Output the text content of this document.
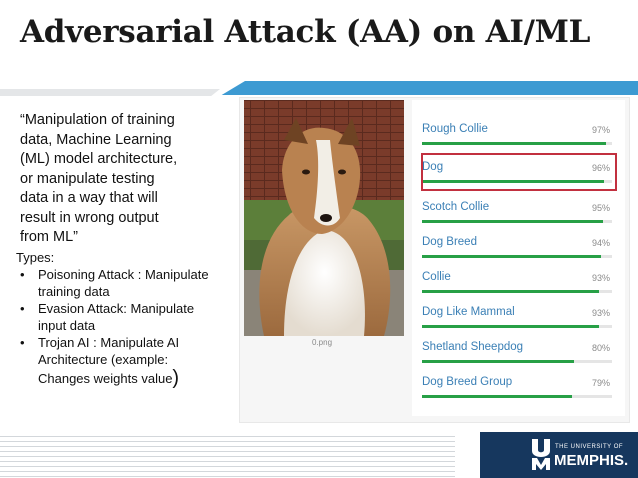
Adversarial Attack (AA) on AI/ML

“Manipulation of training
data, Machine Learning
(ML) model architecture,
or manipulate testing
data in a way that will
result in wrong output
from ML”

Types:
• Poisoning Attack : Manipulate
training data
• Evasion Attack: Manipulate
input data
• Trojan AI : Manipulate AI
Architecture (example:
Changes weights value)
0.png
Rough Collie	97%
Dog	96%
Scotch Collie	95%
Dog Breed	94%
Collie	93%
Dog Like Mammal	93%
Shetland Sheepdog	80%
Dog Breed Group	79%
THE UNIVERSITY OF
MEMPHIS.
